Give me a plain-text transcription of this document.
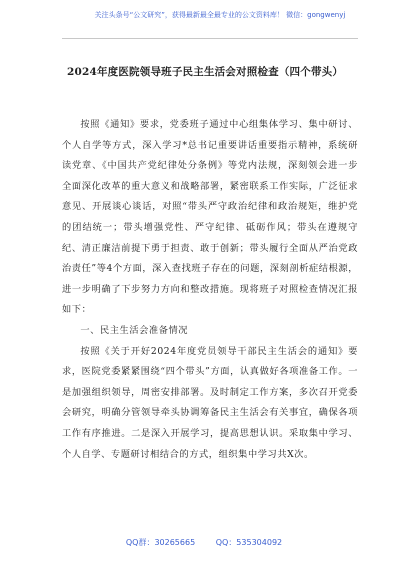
关注头条号“公文研究”，获得最新最全最专业的公文资料库！ 微信：gongwenyj
2024年度医院领导班子民主生活会对照检查（四个带头）

按照《通知》要求，党委班子通过中心组集体学习、集中研讨、个人自学等方式，深入学习*总书记重要讲话重要指示精神，系统研读党章、《中国共产党纪律处分条例》等党内法规，深刻领会进一步全面深化改革的重大意义和战略部署，紧密联系工作实际，广泛征求意见、开展谈心谈话，对照“带头严守政治纪律和政治规矩，维护党的团结统一；带头增强党性、严守纪律、砥砺作风；带头在遵规守纪、清正廉洁前提下勇于担责、敢于创新；带头履行全面从严治党政治责任”等4个方面，深入查找班子存在的问题，深刻剖析症结根源，进一步明确了下步努力方向和整改措施。现将班子对照检查情况汇报如下：

一、民主生活会准备情况

按照《关于开好2024年度党员领导干部民主生活会的通知》要求，医院党委紧紧围绕“四个带头”方面，认真做好各项准备工作。一是加强组织领导，周密安排部署。及时制定工作方案，多次召开党委会研究，明确分管领导牵头协调筹备民主生活会有关事宜，确保各项工作有序推进。二是深入开展学习，提高思想认识。采取集中学习、个人自学、专题研讨相结合的方式，组织集中学习共X次。

QQ群：30265665	QQ：535304092
